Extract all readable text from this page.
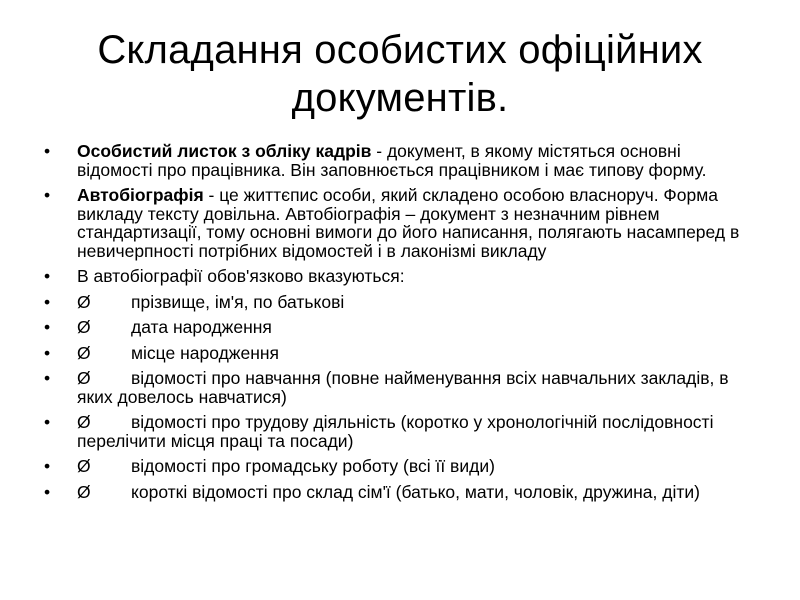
Складання особистих офіційних документів.
•	Особистий листок з обліку кадрів - документ, в якому містяться основні відомості про працівника. Він заповнюється працівником і має типову форму.
•	Автобіографія - це життєпис особи, який складено особою власноруч. Форма викладу тексту довільна. Автобіографія – документ з незначним рівнем стандартизації, тому основні вимоги до його написання, полягають насамперед в невичерпності потрібних відомостей і в лаконізмі викладу
•	В автобіографії обов'язково вказуються:
•	Ø прізвище, ім'я, по батькові
•	Ø дата народження
•	Ø місце народження
•	Ø відомості про навчання (повне найменування всіх навчальних закладів, в яких довелось навчатися)
•	Ø відомості про трудову діяльність (коротко у хронологічній послідовності перелічити місця праці та посади)
•	Ø відомості про громадську роботу (всі її види)
•	Ø короткі відомості про склад сім'ї (батько, мати, чоловік, дружина, діти)
